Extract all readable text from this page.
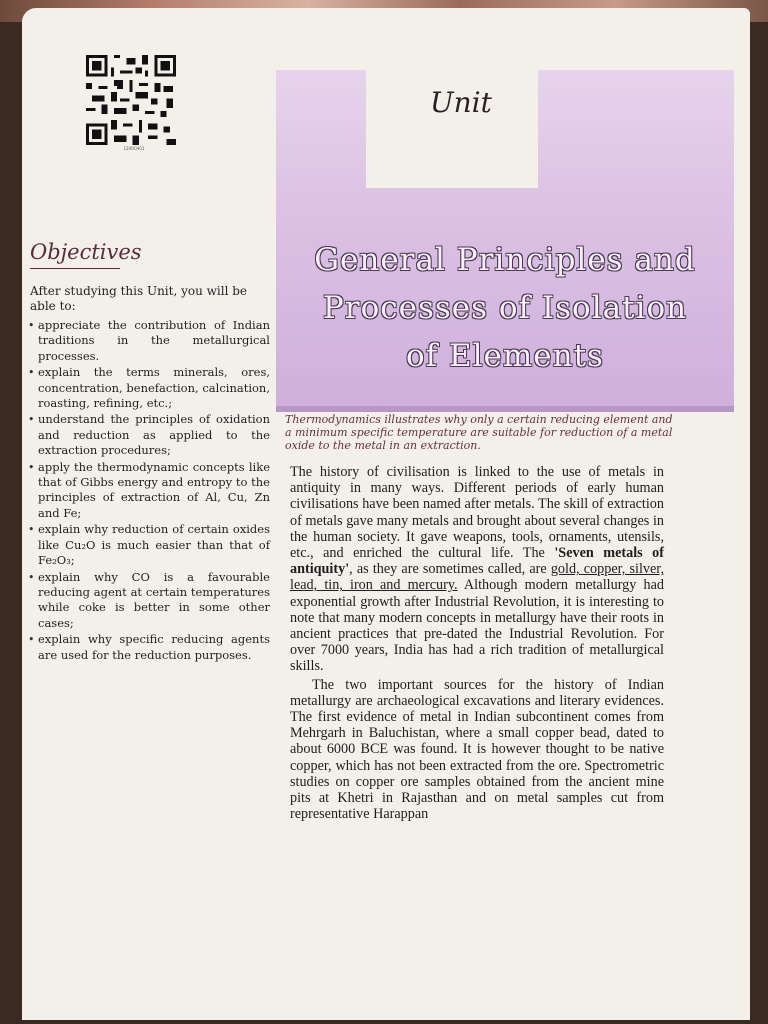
1200CH01
Unit
General Principles and
Processes of Isolation
of Elements
Thermodynamics illustrates why only a certain reducing element and a minimum specific temperature are suitable for reduction of a metal oxide to the metal in an extraction.
Objectives
After studying this Unit, you will be able to:
• appreciate the contribution of Indian traditions in the metallurgical processes.
• explain the terms minerals, ores, concentration, benefaction, calcination, roasting, refining, etc.;
• understand the principles of oxidation and reduction as applied to the extraction procedures;
• apply the thermodynamic concepts like that of Gibbs energy and entropy to the principles of extraction of Al, Cu, Zn and Fe;
• explain why reduction of certain oxides like Cu₂O is much easier than that of Fe₂O₃;
• explain why CO is a favourable reducing agent at certain temperatures while coke is better in some other cases;
• explain why specific reducing agents are used for the reduction purposes.

The history of civilisation is linked to the use of metals in antiquity in many ways. Different periods of early human civilisations have been named after metals. The skill of extraction of metals gave many metals and brought about several changes in the human society. It gave weapons, tools, ornaments, utensils, etc., and enriched the cultural life. The 'Seven metals of antiquity', as they are sometimes called, are gold, copper, silver, lead, tin, iron and mercury. Although modern metallurgy had exponential growth after Industrial Revolution, it is interesting to note that many modern concepts in metallurgy have their roots in ancient practices that pre-dated the Industrial Revolution. For over 7000 years, India has had a rich tradition of metallurgical skills.

The two important sources for the history of Indian metallurgy are archaeological excavations and literary evidences. The first evidence of metal in Indian subcontinent comes from Mehrgarh in Baluchistan, where a small copper bead, dated to about 6000 BCE was found. It is however thought to be native copper, which has not been extracted from the ore. Spectrometric studies on copper ore samples obtained from the ancient mine pits at Khetri in Rajasthan and on metal samples cut from representative Harappan
